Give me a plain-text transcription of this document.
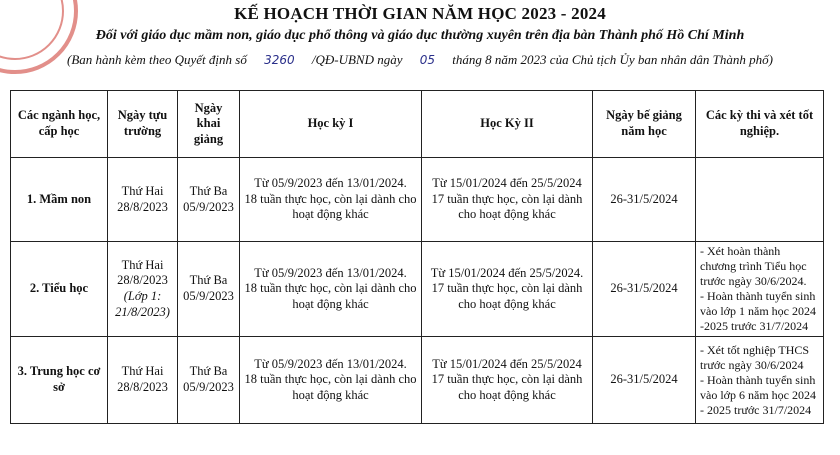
KẾ HOẠCH THỜI GIAN NĂM HỌC 2023 - 2024
Đối với giáo dục mầm non, giáo dục phổ thông và giáo dục thường xuyên trên địa bàn Thành phố Hồ Chí Minh
(Ban hành kèm theo Quyết định số 3260 /QĐ-UBND ngày 05 tháng 8 năm 2023 của Chủ tịch Ủy ban nhân dân Thành phố)
Các ngành học, cấp học	Ngày tựu trường	Ngày khai giảng	Học kỳ I	Học Kỳ II	Ngày bế giảng năm học	Các kỳ thi và xét tốt nghiệp.
1. Mầm non	Thứ Hai 28/8/2023	Thứ Ba 05/9/2023	Từ 05/9/2023 đến 13/01/2024.
18 tuần thực học, còn lại dành cho hoạt động khác	Từ 15/01/2024 đến 25/5/2024
17 tuần thực học, còn lại dành cho hoạt động khác	26-31/5/2024	

2. Tiểu học	Thứ Hai 28/8/2023
(Lớp 1: 21/8/2023)	Thứ Ba 05/9/2023	Từ 05/9/2023 đến 13/01/2024.
18 tuần thực học, còn lại dành cho hoạt động khác	Từ 15/01/2024 đến 25/5/2024.
17 tuần thực học, còn lại dành cho hoạt động khác	26-31/5/2024	- Xét hoàn thành chương trình Tiểu học trước ngày 30/6/2024.
- Hoàn thành tuyển sinh vào lớp 1 năm học 2024 -2025 trước 31/7/2024

3. Trung học cơ sở	Thứ Hai 28/8/2023	Thứ Ba 05/9/2023	Từ 05/9/2023 đến 13/01/2024.
18 tuần thực học, còn lại dành cho hoạt động khác	Từ 15/01/2024 đến 25/5/2024
17 tuần thực học, còn lại dành cho hoạt động khác	26-31/5/2024	- Xét tốt nghiệp THCS trước ngày 30/6/2024
- Hoàn thành tuyển sinh vào lớp 6 năm học 2024 - 2025 trước 31/7/2024
